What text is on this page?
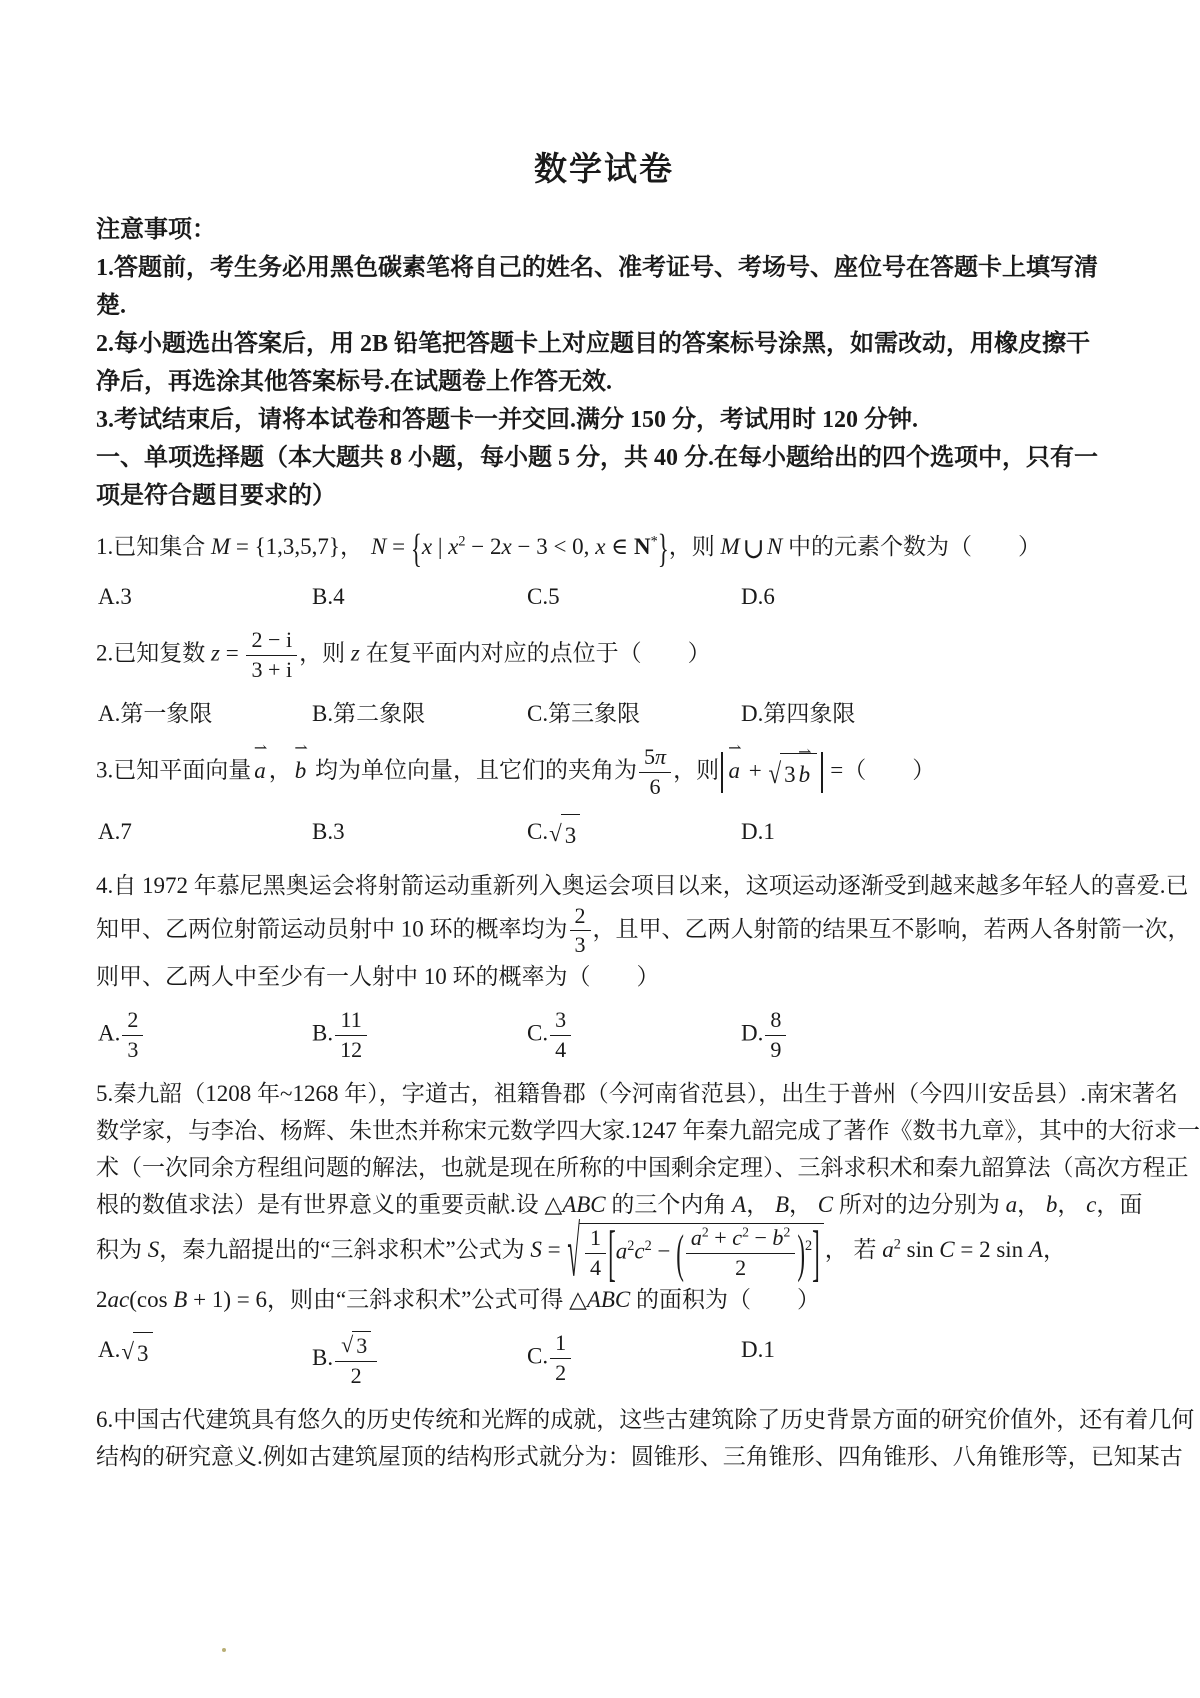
数学试卷

注意事项：

1.答题前，考生务必用黑色碳素笔将自己的姓名、准考证号、考场号、座位号在答题卡上填写清

楚.

2.每小题选出答案后，用 2B 铅笔把答题卡上对应题目的答案标号涂黑，如需改动，用橡皮擦干

净后，再选涂其他答案标号.在试题卷上作答无效.

3.考试结束后，请将本试卷和答题卡一并交回.满分 150 分，考试用时 120 分钟.

一、单项选择题（本大题共 8 小题，每小题 5 分，共 40 分.在每小题给出的四个选项中，只有一

项是符合题目要求的）

1.已知集合 M = {1,3,5,7}， N = {x | $x^2 - 2x - 3 < 0$, x ∈ N*}，则 M ∪ N 中的元素个数为（　　）
A.3	B.4	C.5	D.6
2.已知复数 $z = \frac{2 - i}{3 + i}$ ，则 z 在复平面内对应的点位于（　　）
A.第一象限	B.第二象限	C.第三象限	D.第四象限
3.已知平面向量
⇀
a ，
⇀
b 均为单位向量，且它们的夹角为 $\frac{5\pi}{6}$ ，则
⇀
a + √ 3
⇀
b =（　　）
A.7	B.3	C. √ 3	D.1
4.自 1972 年慕尼黑奥运会将射箭运动重新列入奥运会项目以来，这项运动逐渐受到越来越多年轻人的喜爱.已
知甲、乙两位射箭运动员射中 10 环的概率均为 $\frac{2}{3}$ ，且甲、乙两人射箭的结果互不影响，若两人各射箭一次，
则甲、乙两人中至少有一人射中 10 环的概率为（　　）
A. $\frac{2}{3}$	B. $\frac{11}{12}$	C. $\frac{3}{4}$	D. $\frac{8}{9}$
5.秦九韶（1208 年~1268 年），字道古，祖籍鲁郡（今河南省范县），出生于普州（今四川安岳县）.南宋著名
数学家，与李冶、杨辉、朱世杰并称宋元数学四大家.1247 年秦九韶完成了著作《数书九章》，其中的大衍求一
术（一次同余方程组问题的解法，也就是现在所称的中国剩余定理）、三斜求积术和秦九韶算法（高次方程正
根的数值求法）是有世界意义的重要贡献.设 △ABC 的三个内角 A， B， C 所对的边分别为 a， b， c，面
积为 S，秦九韶提出的“三斜求积术”公式为 S = √ $\frac{1}{4} [a^2c^2$ − ( $\frac{a^2 + c^2 - b^2}{2} )^2$] ， 若 $a^2$ sin C = 2 sin A，
2ac(cos B + 1) = 6，则由“三斜求积术”公式可得 △ABC 的面积为（　　）
A. √ 3	B. $\frac{√ 3}{2}$	C. $\frac{1}{2}$	D.1
6.中国古代建筑具有悠久的历史传统和光辉的成就，这些古建筑除了历史背景方面的研究价值外，还有着几何
结构的研究意义.例如古建筑屋顶的结构形式就分为：圆锥形、三角锥形、四角锥形、八角锥形等，已知某古
